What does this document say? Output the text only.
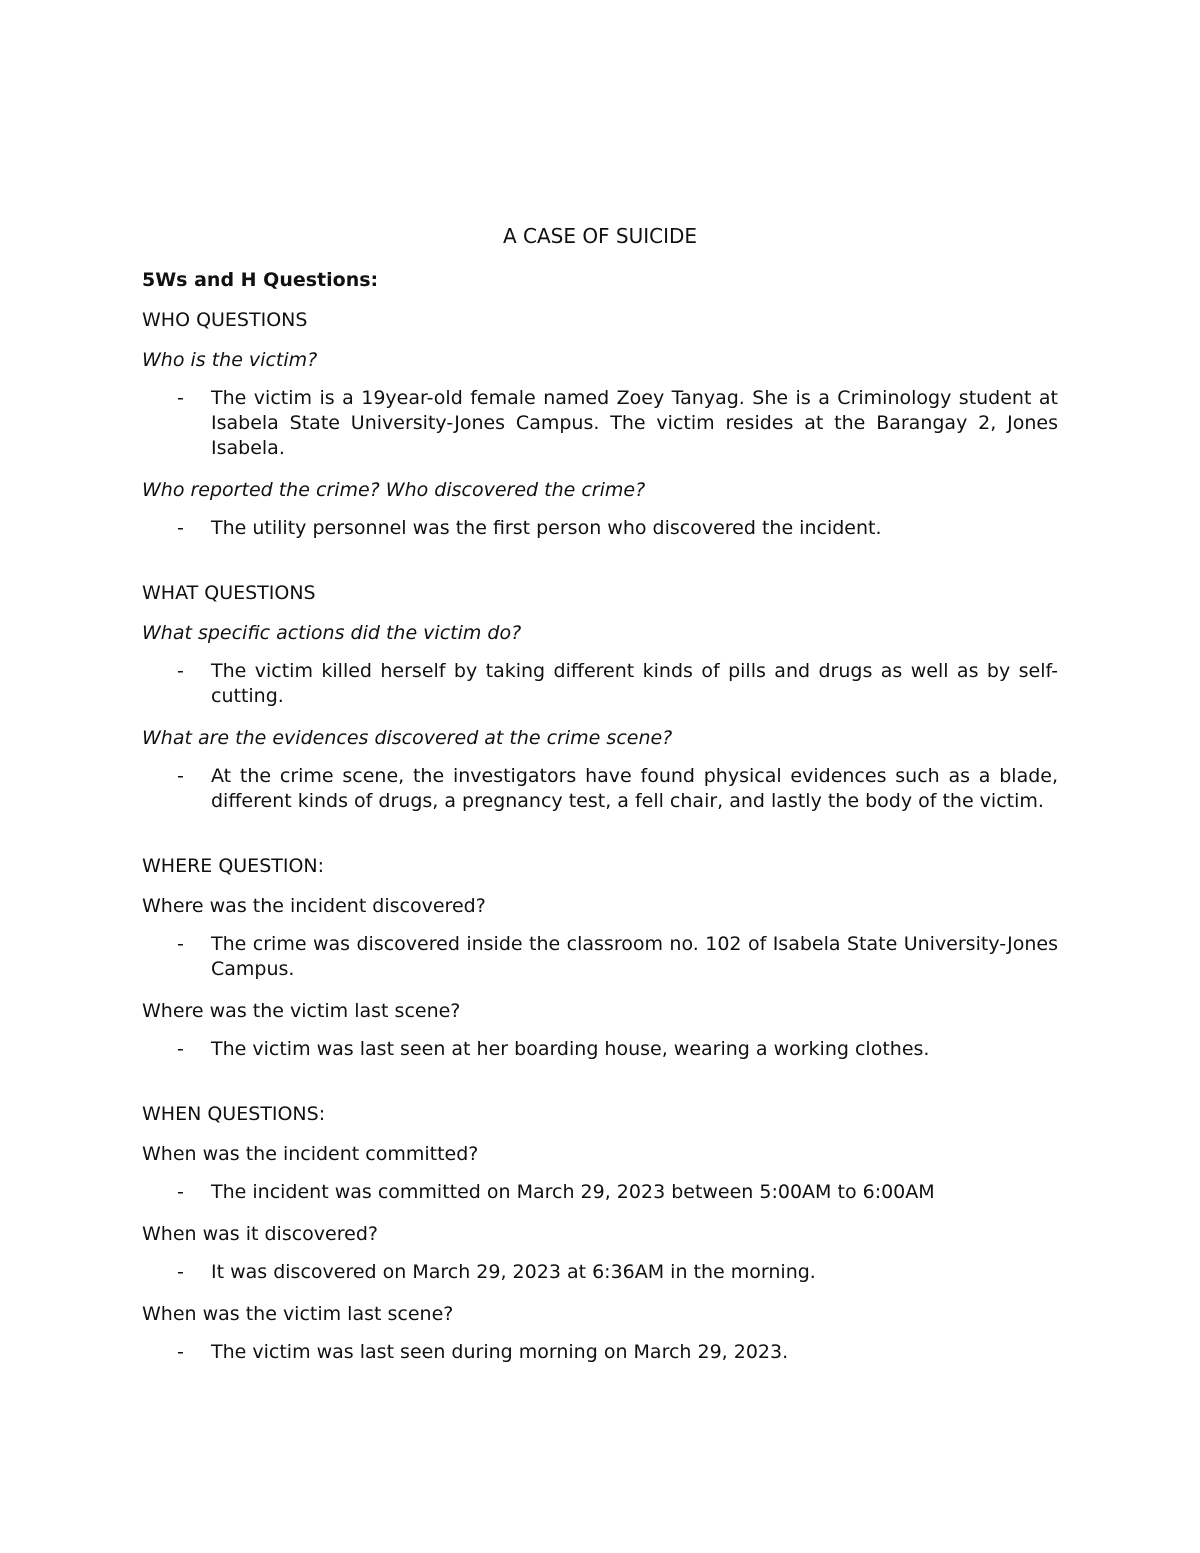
A CASE OF SUICIDE
5Ws and H Questions:
WHO QUESTIONS
Who is the victim?
- The victim is a 19year-old female named Zoey Tanyag. She is a Criminology student at Isabela State University-Jones Campus. The victim resides at the Barangay 2, Jones Isabela.
Who reported the crime? Who discovered the crime?
- The utility personnel was the first person who discovered the incident.
WHAT QUESTIONS
What specific actions did the victim do?
- The victim killed herself by taking different kinds of pills and drugs as well as by self-cutting.
What are the evidences discovered at the crime scene?
- At the crime scene, the investigators have found physical evidences such as a blade, different kinds of drugs, a pregnancy test, a fell chair, and lastly the body of the victim.
WHERE QUESTION:
Where was the incident discovered?
- The crime was discovered inside the classroom no. 102 of Isabela State University-Jones Campus.
Where was the victim last scene?
- The victim was last seen at her boarding house, wearing a working clothes.
WHEN QUESTIONS:
When was the incident committed?
- The incident was committed on March 29, 2023 between 5:00AM to 6:00AM
When was it discovered?
- It was discovered on March 29, 2023 at 6:36AM in the morning.
When was the victim last scene?
- The victim was last seen during morning on March 29, 2023.
